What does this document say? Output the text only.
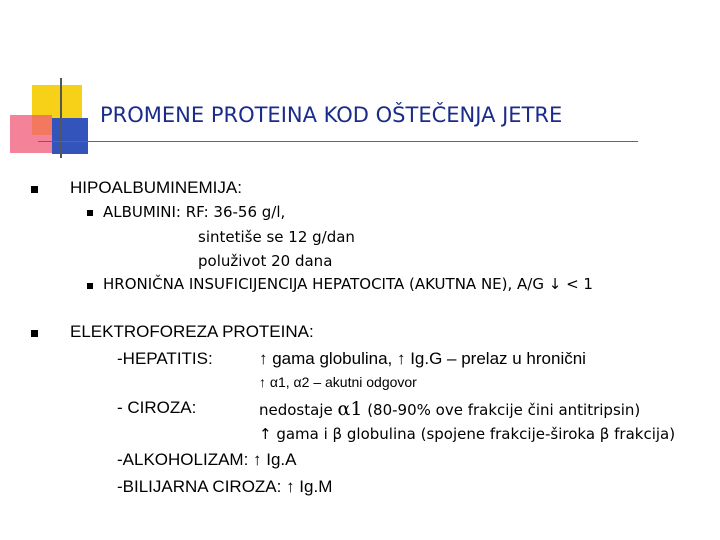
PROMENE PROTEINA KOD OŠTEČENJA JETRE
HIPOALBUMINEMIJA:
ALBUMINI: RF: 36-56 g/l,
sintetiše se 12 g/dan
poluživot 20 dana
HRONIČNA INSUFICIJENCIJA HEPATOCITA (AKUTNA NE), A/G ↓ < 1
ELEKTROFOREZA PROTEINA:
-HEPATITIS:	↑ gama globulina, ↑ Ig.G – prelaz u hronični
↑ α1, α2 – akutni odgovor
- CIROZA:	nedostaje α1 (80-90% ove frakcije čini antitripsin)
↑ gama i β globulina (spojene frakcije-široka β frakcija)
-ALKOHOLIZAM: ↑ Ig.A
-BILIJARNA CIROZA: ↑ Ig.M
